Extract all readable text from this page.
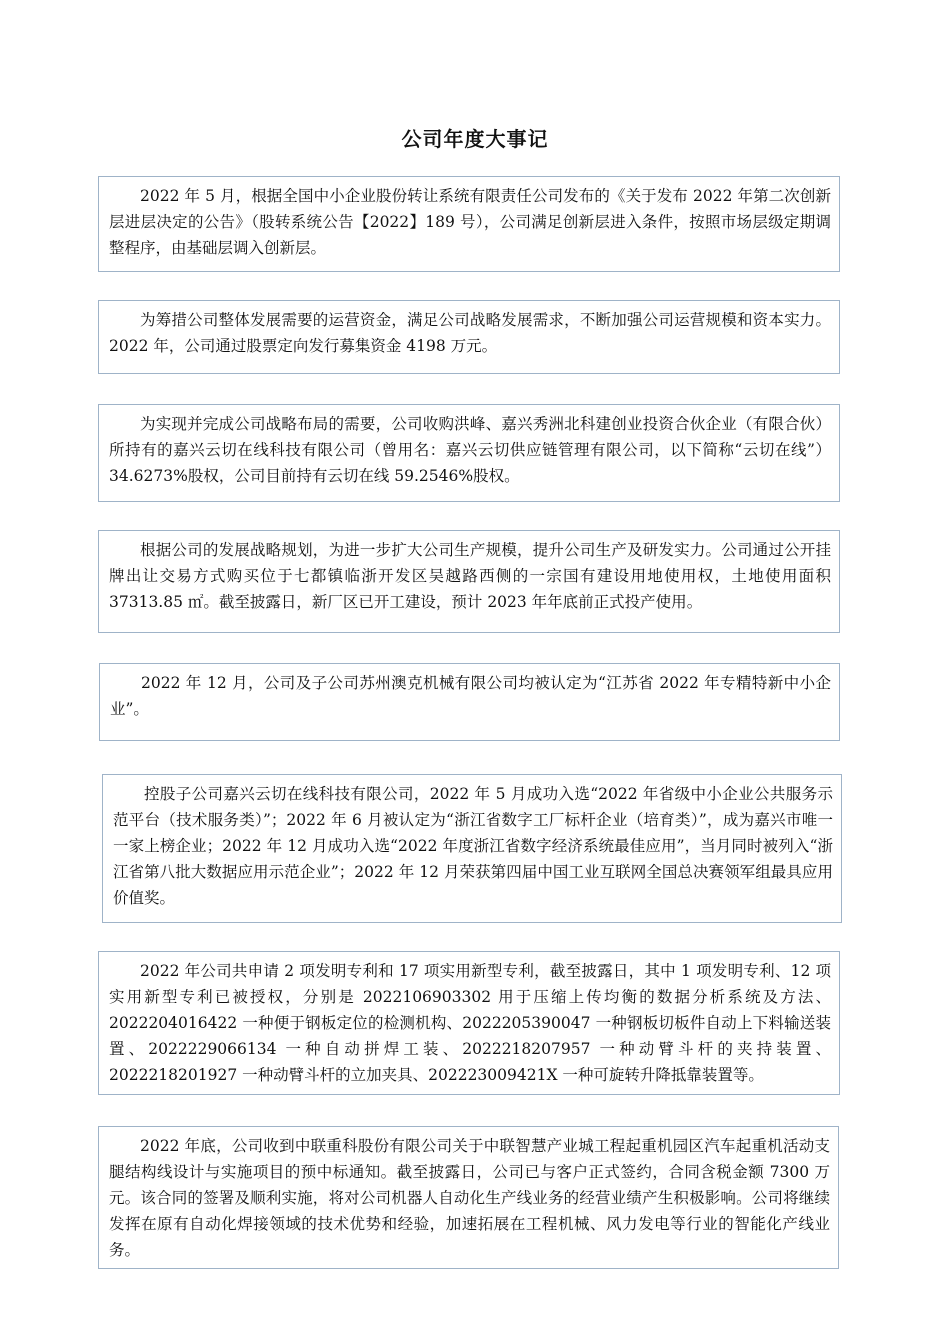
公司年度大事记

2022 年 5 月，根据全国中小企业股份转让系统有限责任公司发布的《关于发布 2022 年第二次创新层进层决定的公告》（股转系统公告【2022】189 号），公司满足创新层进入条件，按照市场层级定期调整程序，由基础层调入创新层。

为筹措公司整体发展需要的运营资金，满足公司战略发展需求，不断加强公司运营规模和资本实力。2022 年，公司通过股票定向发行募集资金 4198 万元。

为实现并完成公司战略布局的需要，公司收购洪峰、嘉兴秀洲北科建创业投资合伙企业（有限合伙）所持有的嘉兴云切在线科技有限公司（曾用名：嘉兴云切供应链管理有限公司，以下简称“云切在线”）34.6273%股权，公司目前持有云切在线 59.2546%股权。

根据公司的发展战略规划，为进一步扩大公司生产规模，提升公司生产及研发实力。公司通过公开挂牌出让交易方式购买位于七都镇临浙开发区吴越路西侧的一宗国有建设用地使用权，土地使用面积 37313.85 ㎡。截至披露日，新厂区已开工建设，预计 2023 年年底前正式投产使用。

2022 年 12 月，公司及子公司苏州澳克机械有限公司均被认定为“江苏省 2022 年专精特新中小企业”。

控股子公司嘉兴云切在线科技有限公司，2022 年 5 月成功入选“2022 年省级中小企业公共服务示范平台（技术服务类）”；2022 年 6 月被认定为“浙江省数字工厂标杆企业（培育类）”，成为嘉兴市唯一一家上榜企业；2022 年 12 月成功入选“2022 年度浙江省数字经济系统最佳应用”，当月同时被列入“浙江省第八批大数据应用示范企业”；2022 年 12 月荣获第四届中国工业互联网全国总决赛领军组最具应用价值奖。

2022 年公司共申请 2 项发明专利和 17 项实用新型专利，截至披露日，其中 1 项发明专利、12 项实用新型专利已被授权，分别是 2022106903302 用于压缩上传均衡的数据分析系统及方法、2022204016422 一种便于钢板定位的检测机构、2022205390047 一种钢板切板件自动上下料输送装置、2022229066134 一种自动拼焊工装、2022218207957 一种动臂斗杆的夹持装置、2022218201927 一种动臂斗杆的立加夹具、202223009421X 一种可旋转升降抵靠装置等。

2022 年底，公司收到中联重科股份有限公司关于中联智慧产业城工程起重机园区汽车起重机活动支腿结构线设计与实施项目的预中标通知。截至披露日，公司已与客户正式签约，合同含税金额 7300 万元。该合同的签署及顺利实施，将对公司机器人自动化生产线业务的经营业绩产生积极影响。公司将继续发挥在原有自动化焊接领域的技术优势和经验，加速拓展在工程机械、风力发电等行业的智能化产线业务。
